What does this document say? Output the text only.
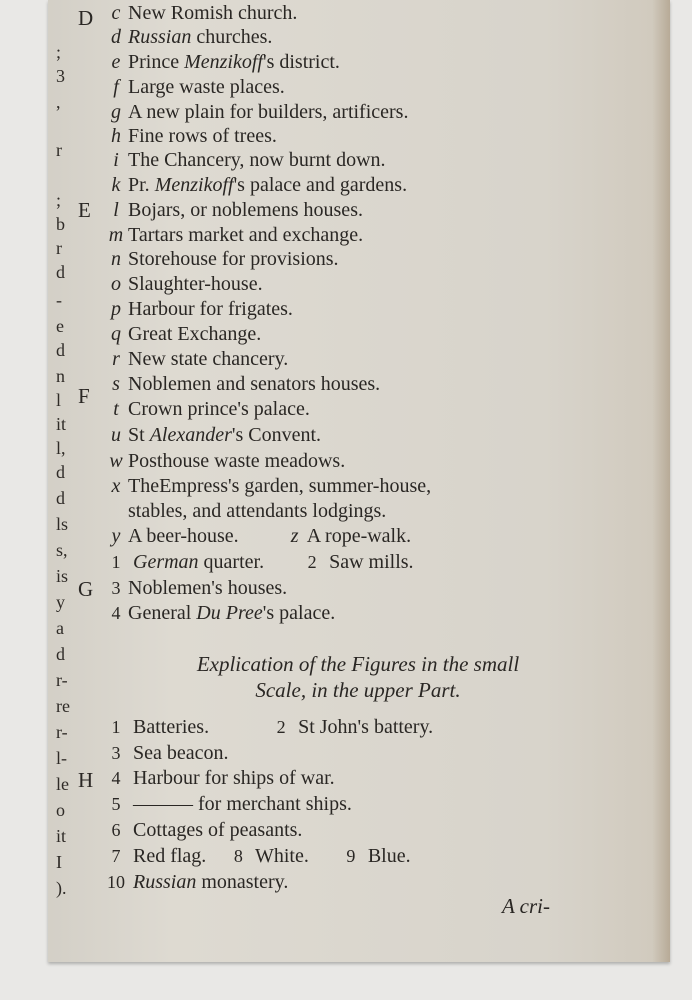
;
3
,
r
;
b
r
d
-
e
d
n
l
it
l,
d
d
ls
s,
is
y
a
d
r-
re
r-
l-
le
o
it
I
).
D
E
F
G
H
c New Romish church.
d Russian churches.
e Prince Menzikoff's district.
f Large waste places.
g A new plain for builders, artificers.
h Fine rows of trees.
i The Chancery, now burnt down.
k Pr. Menzikoff's palace and gardens.
l Bojars, or noblemens houses.
m Tartars market and exchange.
n Storehouse for provisions.
o Slaughter-house.
p Harbour for frigates.
q Great Exchange.
r New state chancery.
s Noblemen and senators houses.
t Crown prince's palace.
u St Alexander's Convent.
w Posthouse waste meadows.
x TheEmpress's garden, summer-house,
stables, and attendants lodgings.
y A beer-house.	z A rope-walk.
1 German quarter. 2 Saw mills.
3 Noblemen's houses.
4 General Du Pree's palace.
Explication of the Figures in the small
Scale, in the upper Part.
1 Batteries.	2 St John's battery.
3 Sea beacon.
4 Harbour for ships of war.
5 ——— for merchant ships.
6 Cottages of peasants.
7 Red flag. 8 White. 9 Blue.
10 Russian monastery.
A cri-
